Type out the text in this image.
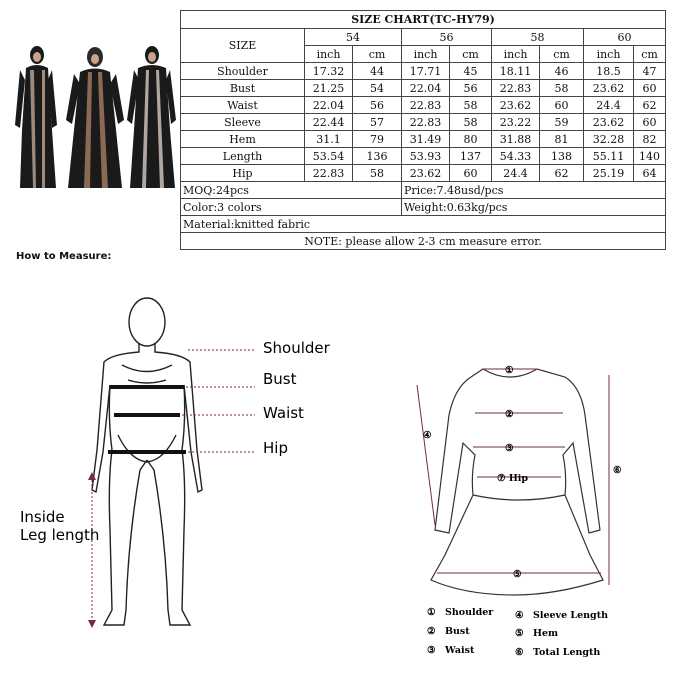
SIZE CHART(TC-HY79)								
SIZE	54		56		58		60	
	inch	cm	inch	cm	inch	cm	inch	cm
Shoulder	17.32	44	17.71	45	18.11	46	18.5	47
Bust	21.25	54	22.04	56	22.83	58	23.62	60
Waist	22.04	56	22.83	58	23.62	60	24.4	62
Sleeve	22.44	57	22.83	58	23.22	59	23.62	60
Hem	31.1	79	31.49	80	31.88	81	32.28	82
Length	53.54	136	53.93	137	54.33	138	55.11	140
Hip	22.83	58	23.62	60	24.4	62	25.19	64
MOQ:24pcs			Price:7.48usd/pcs					
Color:3 colors			Weight:0.63kg/pcs					
Material:knitted fabric								
NOTE: please allow 2-3 cm measure error.								
How to Measure:
Shoulder
Bust
Waist
Hip
Inside
Leg length
①
②
③
④
⑤
⑥
⑦ Hip
① Shoulder
② Bust
③ Waist
④ Sleeve Length
⑤ Hem
⑥ Total Length
